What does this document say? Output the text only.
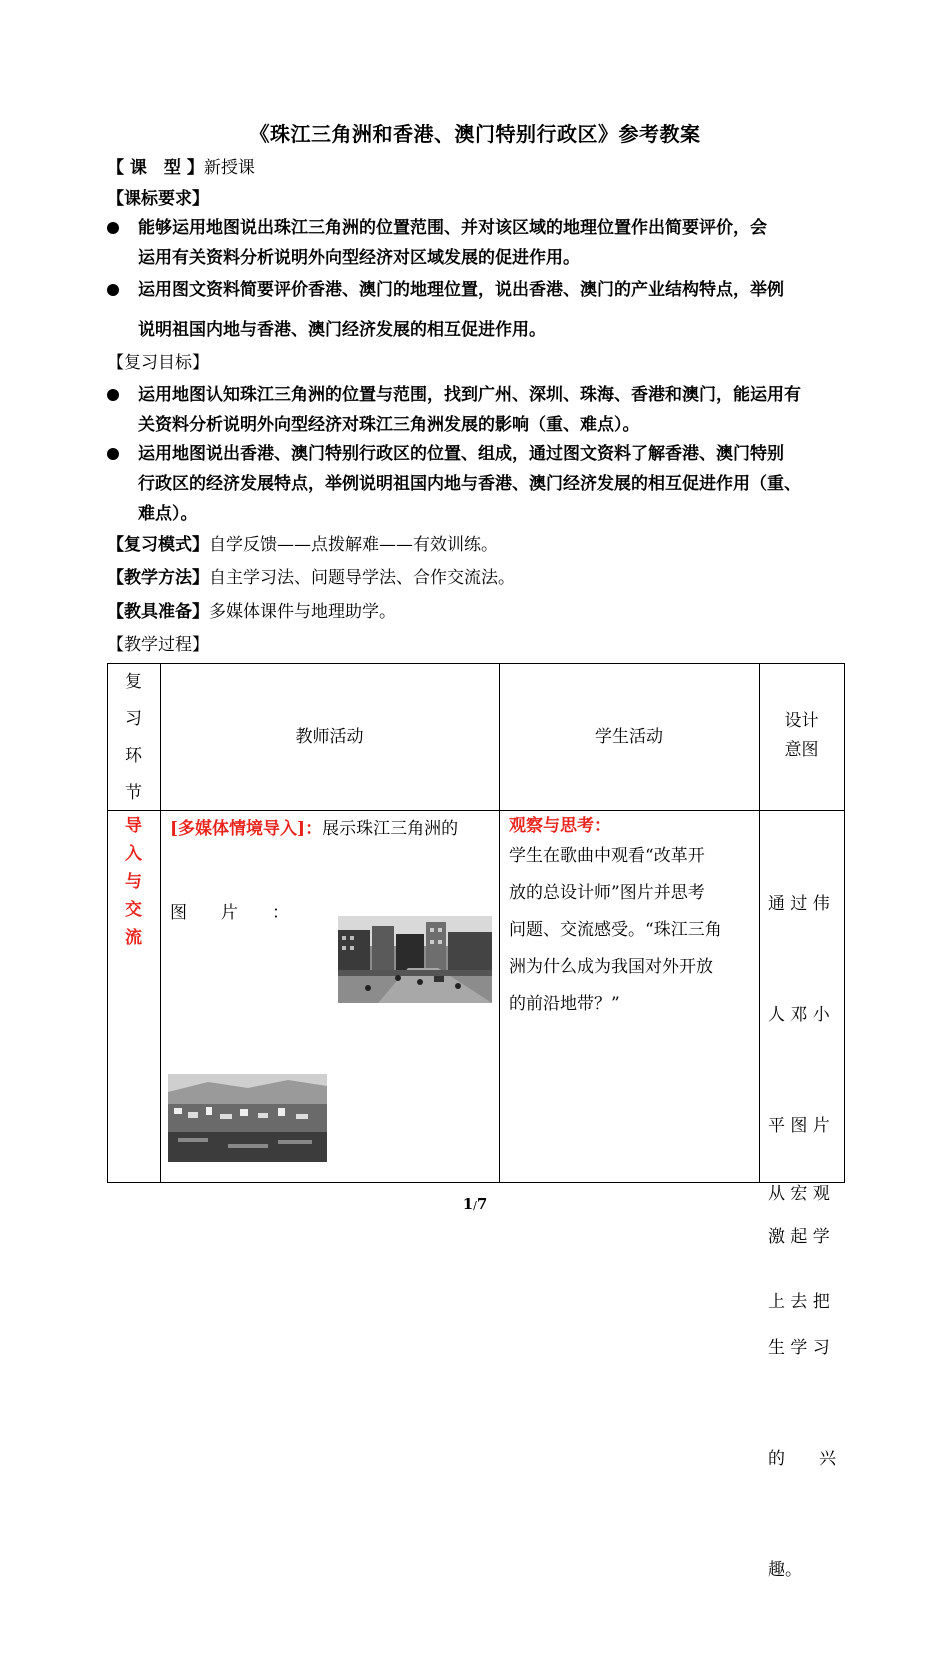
《珠江三角洲和香港、澳门特别行政区》参考教案
【 课　型 】新授课
【课标要求】
能够运用地图说出珠江三角洲的位置范围、并对该区域的地理位置作出简要评价，会
运用有关资料分析说明外向型经济对区域发展的促进作用。
运用图文资料简要评价香港、澳门的地理位置，说出香港、澳门的产业结构特点，举例
说明祖国内地与香港、澳门经济发展的相互促进作用。
【复习目标】
运用地图认知珠江三角洲的位置与范围，找到广州、深圳、珠海、香港和澳门，能运用有
关资料分析说明外向型经济对珠江三角洲发展的影响（重、难点）。
运用地图说出香港、澳门特别行政区的位置、组成，通过图文资料了解香港、澳门特别
行政区的经济发展特点，举例说明祖国内地与香港、澳门经济发展的相互促进作用（重、
难点）。
【复习模式】自学反馈——点拨解难——有效训练。
【教学方法】自主学习法、问题导学法、合作交流法。
【教具准备】多媒体课件与地理助学。
【教学过程】
复
习
环
节
教师活动	学生活动
设计
意图
导
入
与
交
流
[多媒体情境导入]：展示珠江三角洲的
图　　片　　：
观察与思考：
学生在歌曲中观看“改革开
放的总设计师”图片并思考
问题、交流感受。“珠江三角
洲为什么成为我国对外开放
的前沿地带？”

通 过 伟

人 邓 小

平 图 片

激 起 学

生 学 习

的　　兴

趣。

从 宏 观

上 去 把

1/7
